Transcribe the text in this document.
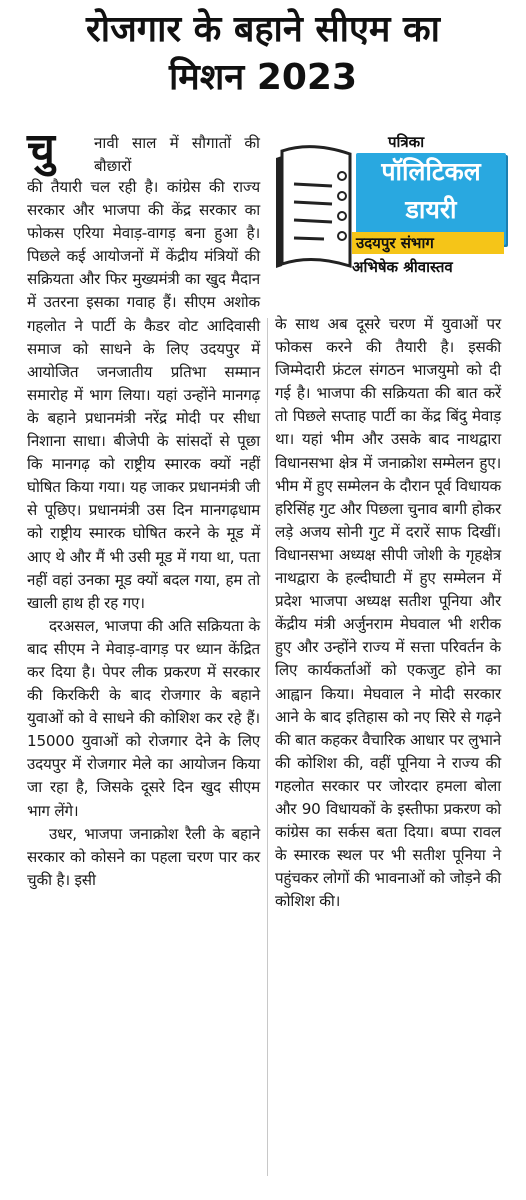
रोजगार के बहाने सीएम का
मिशन 2023
चु	नावी साल में सौगातों की बौछारों
पत्रिका
पॉलिटिकल
डायरी
उदयपुर संभाग
अभिषेक श्रीवास्तव

की तैयारी चल रही है। कांग्रेस की राज्य सरकार और भाजपा की केंद्र सरकार का फोकस एरिया मेवाड़-वागड़ बना हुआ है। पिछले कई आयोजनों में केंद्रीय मंत्रियों की सक्रियता और फिर मुख्यमंत्री का खुद मैदान में उतरना इसका गवाह हैं। सीएम अशोक गहलोत ने पार्टी के कैडर वोट आदिवासी समाज को साधने के लिए उदयपुर में आयोजित जनजातीय प्रतिभा सम्मान समारोह में भाग लिया। यहां उन्होंने मानगढ़ के बहाने प्रधानमंत्री नरेंद्र मोदी पर सीधा निशाना साधा। बीजेपी के सांसदों से पूछा कि मानगढ़ को राष्ट्रीय स्मारक क्यों नहीं घोषित किया गया। यह जाकर प्रधानमंत्री जी से पूछिए। प्रधानमंत्री उस दिन मानगढ़धाम को राष्ट्रीय स्मारक घोषित करने के मूड में आए थे और मैं भी उसी मूड में गया था, पता नहीं वहां उनका मूड क्यों बदल गया, हम तो खाली हाथ ही रह गए।

दरअसल, भाजपा की अति सक्रियता के बाद सीएम ने मेवाड़-वागड़ पर ध्यान केंद्रित कर दिया है। पेपर लीक प्रकरण में सरकार की किरकिरी के बाद रोजगार के बहाने युवाओं को वे साधने की कोशिश कर रहे हैं। 15000 युवाओं को रोजगार देने के लिए उदयपुर में रोजगार मेले का आयोजन किया जा रहा है, जिसके दूसरे दिन खुद सीएम भाग लेंगे।

उधर, भाजपा जनाक्रोश रैली के बहाने सरकार को कोसने का पहला चरण पार कर चुकी है। इसी

के साथ अब दूसरे चरण में युवाओं पर फोकस करने की तैयारी है। इसकी जिम्मेदारी फ्रंटल संगठन भाजयुमो को दी गई है। भाजपा की सक्रियता की बात करें तो पिछले सप्ताह पार्टी का केंद्र बिंदु मेवाड़ था। यहां भीम और उसके बाद नाथद्वारा विधानसभा क्षेत्र में जनाक्रोश सम्मेलन हुए। भीम में हुए सम्मेलन के दौरान पूर्व विधायक हरिसिंह गुट और पिछला चुनाव बागी होकर लड़े अजय सोनी गुट में दरारें साफ दिखीं। विधानसभा अध्यक्ष सीपी जोशी के गृहक्षेत्र नाथद्वारा के हल्दीघाटी में हुए सम्मेलन में प्रदेश भाजपा अध्यक्ष सतीश पूनिया और केंद्रीय मंत्री अर्जुनराम मेघवाल भी शरीक हुए और उन्होंने राज्य में सत्ता परिवर्तन के लिए कार्यकर्ताओं को एकजुट होने का आह्वान किया। मेघवाल ने मोदी सरकार आने के बाद इतिहास को नए सिरे से गढ़ने की बात कहकर वैचारिक आधार पर लुभाने की कोशिश की, वहीं पूनिया ने राज्य की गहलोत सरकार पर जोरदार हमला बोला और 90 विधायकों के इस्तीफा प्रकरण को कांग्रेस का सर्कस बता दिया। बप्पा रावल के स्मारक स्थल पर भी सतीश पूनिया ने पहुंचकर लोगों की भावनाओं को जोड़ने की कोशिश की।
